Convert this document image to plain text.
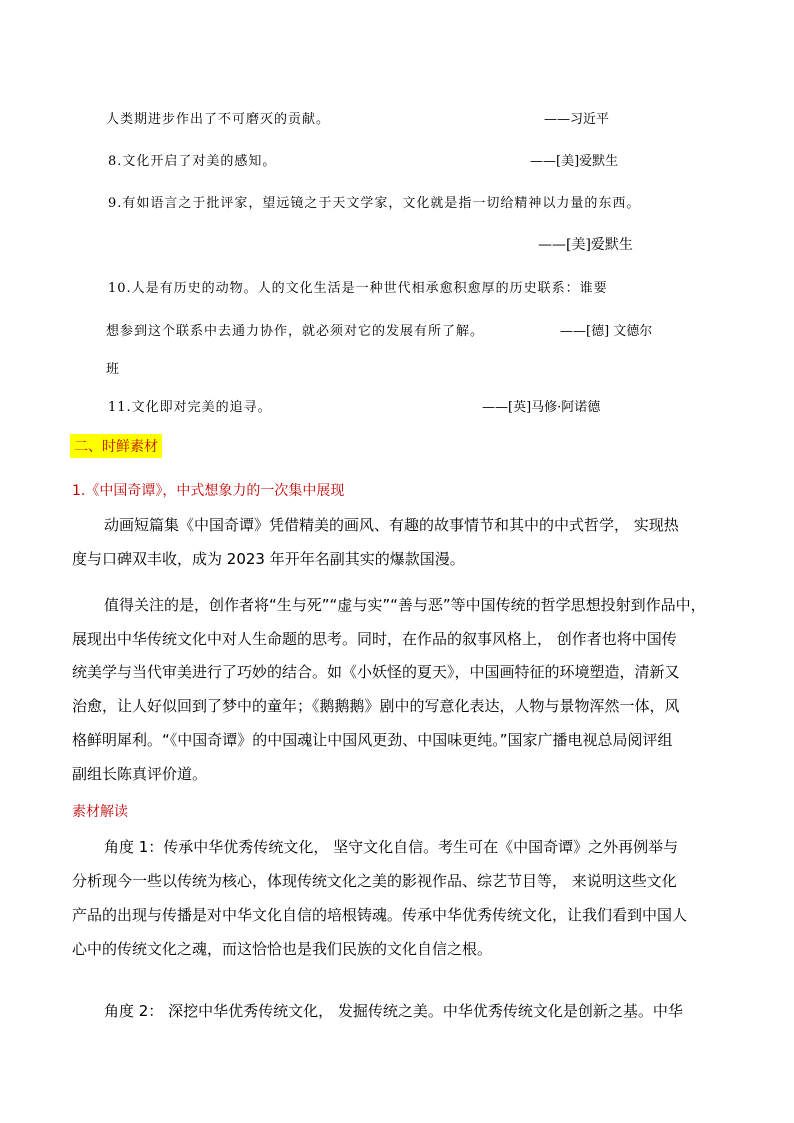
人类期进步作出了不可磨灭的贡献。	——习近平
8.文化开启了对美的感知。	——[美]爱默生
9.有如语言之于批评家，望远镜之于天文学家，文化就是指一切给精神以力量的东西。
——[美]爱默生
10.人是有历史的动物。人的文化生活是一种世代相承愈积愈厚的历史联系：谁要
想参到这个联系中去通力协作，就必须对它的发展有所了解。	——[德] 文德尔
班
11.文化即对完美的追寻。	——[英]马修·阿诺德
二、时鲜素材
1.《中国奇谭》，中式想象力的一次集中展现
动画短篇集《中国奇谭》凭借精美的画风、有趣的故事情节和其中的中式哲学， 实现热
度与口碑双丰收，成为 2023 年开年名副其实的爆款国漫。
值得关注的是，创作者将“生与死”“虚与实”“善与恶”等中国传统的哲学思想投射到作品中，
展现出中华传统文化中对人生命题的思考。同时，在作品的叙事风格上， 创作者也将中国传
统美学与当代审美进行了巧妙的结合。如《小妖怪的夏天》，中国画特征的环境塑造，清新又
治愈，让人好似回到了梦中的童年；《鹅鹅鹅》剧中的写意化表达，人物与景物浑然一体，风
格鲜明犀利。“《中国奇谭》的中国魂让中国风更劲、中国味更纯。”国家广播电视总局阅评组
副组长陈真评价道。
素材解读
角度 1：传承中华优秀传统文化， 坚守文化自信。考生可在《中国奇谭》之外再例举与
分析现今一些以传统为核心，体现传统文化之美的影视作品、综艺节目等， 来说明这些文化
产品的出现与传播是对中华文化自信的培根铸魂。传承中华优秀传统文化，让我们看到中国人
心中的传统文化之魂，而这恰恰也是我们民族的文化自信之根。
角度 2： 深挖中华优秀传统文化， 发掘传统之美。中华优秀传统文化是创新之基。中华
